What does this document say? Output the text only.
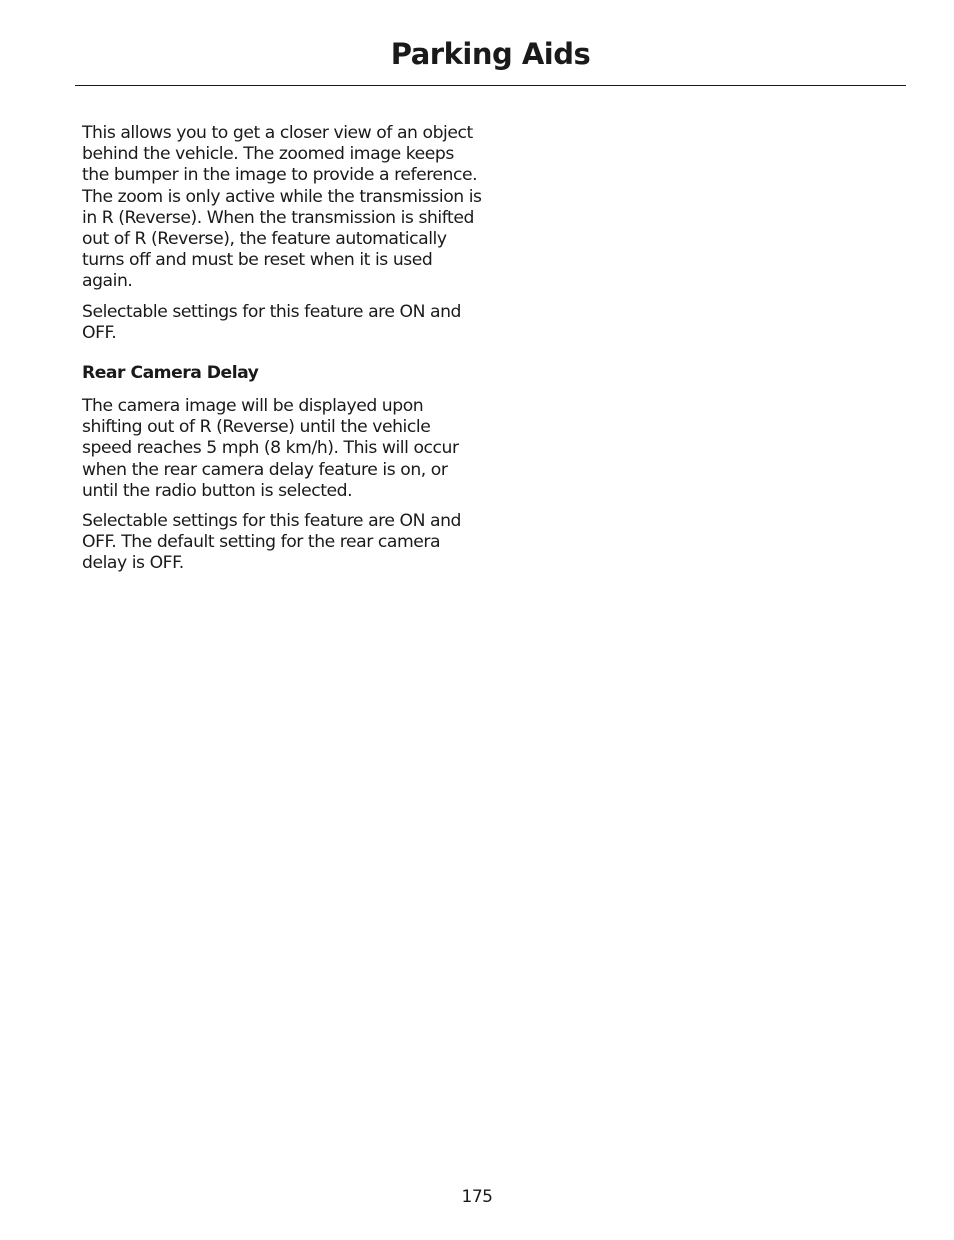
Parking Aids

This allows you to get a closer view of an object behind the vehicle. The zoomed image keeps the bumper in the image to provide a reference. The zoom is only active while the transmission is in R (Reverse). When the transmission is shifted out of R (Reverse), the feature automatically turns off and must be reset when it is used again.

Selectable settings for this feature are ON and OFF.

Rear Camera Delay

The camera image will be displayed upon shifting out of R (Reverse) until the vehicle speed reaches 5 mph (8 km/h). This will occur when the rear camera delay feature is on, or until the radio button is selected.

Selectable settings for this feature are ON and OFF. The default setting for the rear camera delay is OFF.

175
